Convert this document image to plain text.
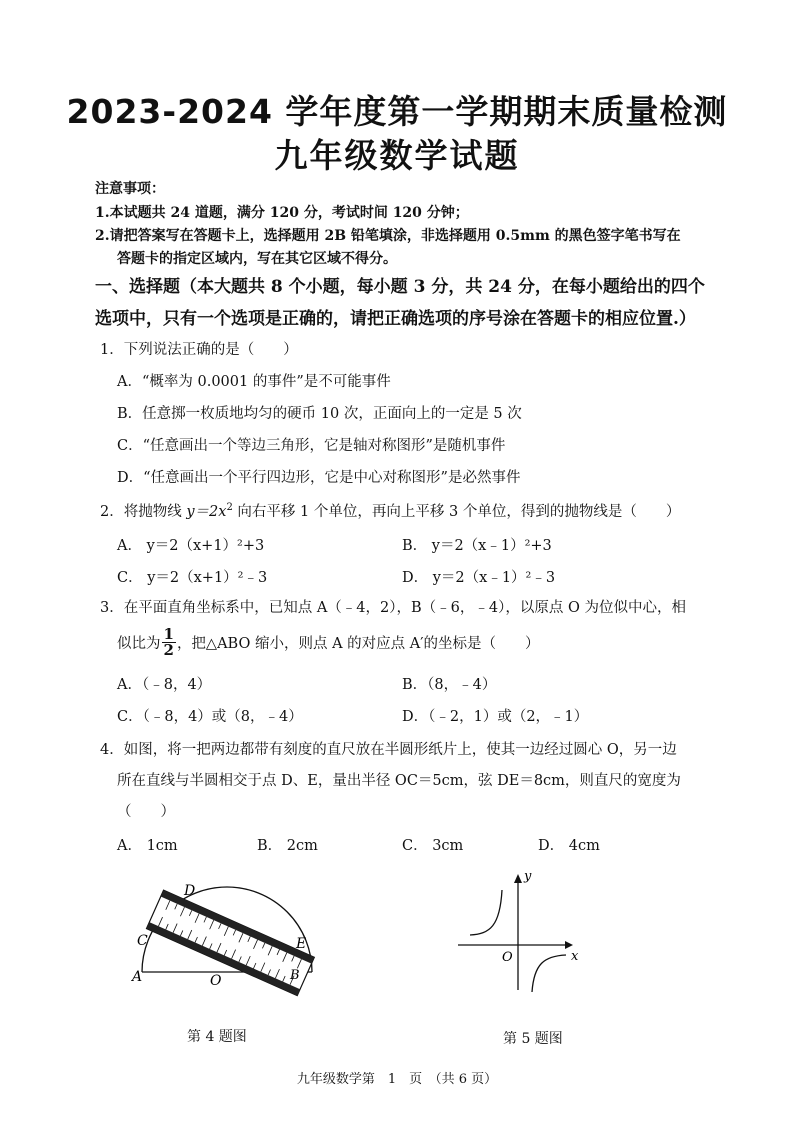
2023-2024 学年度第一学期期末质量检测
九年级数学试题
注意事项：
1.本试题共 24 道题，满分 120 分，考试时间 120 分钟；
2.请把答案写在答题卡上，选择题用 2B 铅笔填涂，非选择题用 0.5mm 的黑色签字笔书写在
答题卡的指定区域内，写在其它区域不得分。
一、选择题（本大题共 8 个小题，每小题 3 分，共 24 分，在每小题给出的四个
选项中，只有一个选项是正确的，请把正确选项的序号涂在答题卡的相应位置.）
1．下列说法正确的是（　　）
A．“概率为 0.0001 的事件”是不可能事件
B．任意掷一枚质地均匀的硬币 10 次，正面向上的一定是 5 次
C．“任意画出一个等边三角形，它是轴对称图形”是随机事件
D．“任意画出一个平行四边形，它是中心对称图形”是必然事件
2．将抛物线 $y=2x^2$ 向右平移 1 个单位，再向上平移 3 个单位，得到的抛物线是（　　）
A． y＝2（x+1）²+3	B． y＝2（x﹣1）²+3
C． y＝2（x+1）²﹣3	D． y＝2（x﹣1）²﹣3
3．在平面直角坐标系中，已知点 A（﹣4，2），B（﹣6，﹣4），以原点 O 为位似中心，相
似比为 $\frac{1}{2}$ ，把△ABO 缩小，则点 A 的对应点 A′的坐标是（　　）
A．（﹣8，4）	B．（8，﹣4）
C．（﹣8，4）或（8，﹣4）	D．（﹣2，1）或（2，﹣1）
4．如图，将一把两边都带有刻度的直尺放在半圆形纸片上，使其一边经过圆心 O，另一边
所在直线与半圆相交于点 D、E，量出半径 OC＝5cm，弦 DE＝8cm，则直尺的宽度为
（　　）
A． 1cm	B． 2cm	C． 3cm	D． 4cm
A	O	B
C
D
E
第 4 题图
x
y
O
第 5 题图
九年级数学第　1　页　（共 6 页）
